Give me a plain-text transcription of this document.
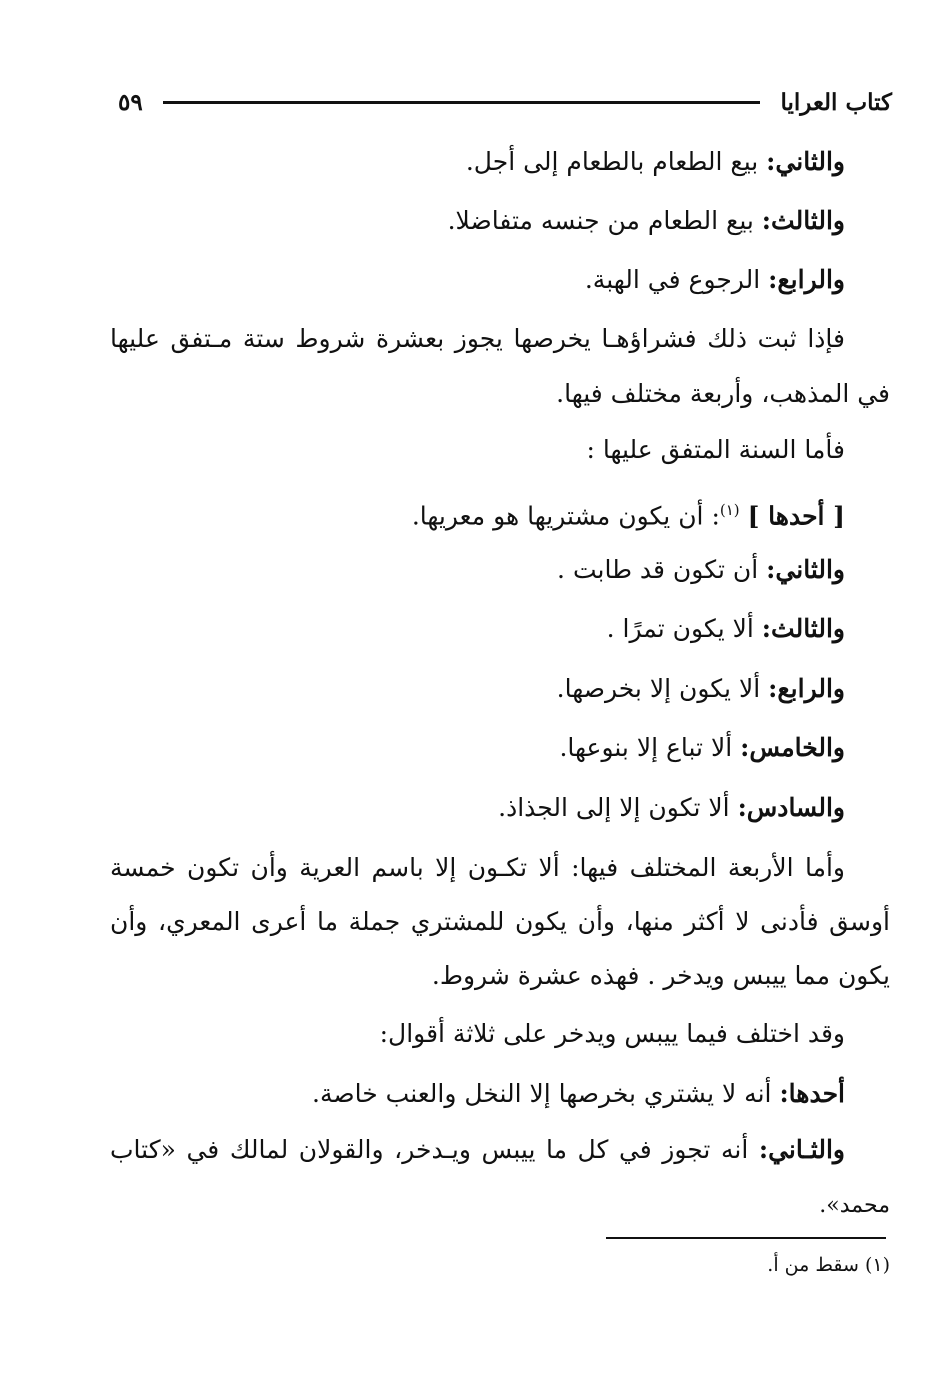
كتاب العرايا
٥٩
والثاني: بيع الطعام بالطعام إلى أجل.
والثالث: بيع الطعام من جنسه متفاضلا.
والرابع: الرجوع في الهبة.
فإذا ثبت ذلك فشراؤهـا يخرصها يجوز بعشرة شروط ستة مـتفق عليها
في المذهب، وأربعة مختلف فيها.
فأما السنة المتفق عليها :
[ أحدها ] $^{(١)}$: أن يكون مشتريها هو معريها.
والثاني: أن تكون قد طابت .
والثالث: ألا يكون تمرًا .
والرابع: ألا يكون إلا بخرصها.
والخامس: ألا تباع إلا بنوعها.
والسادس: ألا تكون إلا إلى الجذاذ.
وأما الأربعة المختلف فيها: ألا تكـون إلا باسم العرية وأن تكون خمسة
أوسق فأدنى لا أكثر منها، وأن يكون للمشتري جملة ما أعرى المعري، وأن
يكون مما ييبس ويدخر . فهذه عشرة شروط.
وقد اختلف فيما ييبس ويدخر على ثلاثة أقوال:
أحدها: أنه لا يشتري بخرصها إلا النخل والعنب خاصة.
والثـاني: أنه تجوز في كل ما ييبس ويـدخر، والقولان لمالك في «كتاب
محمد».
(١) سقط من أ.
